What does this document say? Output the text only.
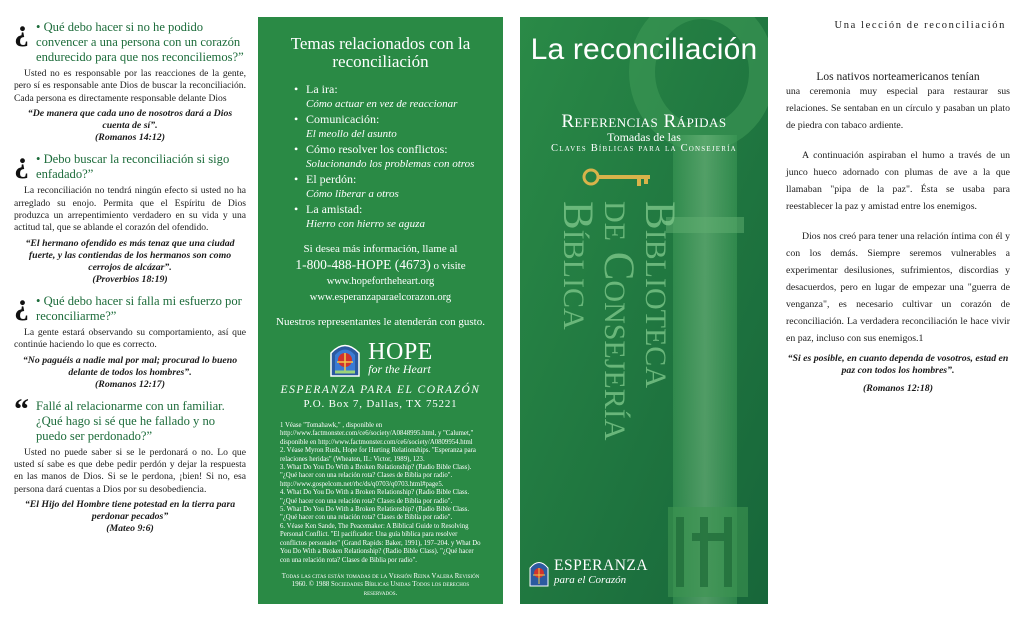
¿ • Qué debo hacer si no he podido convencer a una persona con un corazón endurecido para que nos reconciliemos?”

Usted no es responsable por las reacciones de la gente, pero sí es responsable ante Dios de buscar la reconciliación. Cada persona es directamente responsable delante Dios

“De manera que cada uno de nosotros dará a Dios cuenta de sí”.

(Romanos 14:12)

¿ • Debo buscar la reconciliación si sigo enfadado?”

La reconciliación no tendrá ningún efecto si usted no ha arreglado su enojo. Permita que el Espíritu de Dios produzca un arrepentimiento verdadero en su vida y una actitud tal, que se ablande el corazón del ofendido.

“El hermano ofendido es más tenaz que una ciudad fuerte, y las contiendas de los hermanos son como cerrojos de alcázar”.

(Proverbios 18:19)

¿ • Qué debo hacer si falla mi esfuerzo por reconciliarme?”

La gente estará observando su comportamiento, así que continúe haciendo lo que es correcto.

“No paguéis a nadie mal por mal; procurad lo bueno delante de todos los hombres”.

(Romanos 12:17)

“ Fallé al relacionarme con un familiar. ¿Qué hago si sé que he fallado y no puedo ser perdonado?”

Usted no puede saber si se le perdonará o no. Lo que usted sí sabe es que debe pedir perdón y dejar la respuesta en las manos de Dios. Si se le perdona, ¡bien! Si no, esa persona dará cuentas a Dios por su desobediencia.

“El Hijo del Hombre tiene potestad en la tierra para perdonar pecados”

(Mateo 9:6)

Temas relacionados con la reconciliación
• La ira:
Cómo actuar en vez de reaccionar
• Comunicación:
El meollo del asunto
• Cómo resolver los conflictos:
Solucionando los problemas con otros
• El perdón:
Cómo liberar a otros
• La amistad:
Hierro con hierro se aguza
Si desea más información, llame al
1-800-488-HOPE (4673) o visite
www.hopefortheheart.org
www.esperanzaparaelcorazon.org
Nuestros representantes le atenderán con gusto.
HOPE
for the Heart
ESPERANZA PARA EL CORAZÓN
P.O. Box 7, Dallas, TX 75221

1 Véase "Tomahawk," , disponible en http://www.factmonster.com/ce6/society/A0848995.html, y "Calumet," disponible en http://www.factmonster.com/ce6/society/A0809954.html

2. Véase Myron Rush, Hope for Hurting Relationships. "Esperanza para relaciones heridas" (Wheaton, IL: Victor, 1989), 123.

3. What Do You Do With a Broken Relationship? (Radio Bible Class). "¿Qué hacer con una relación rota? Clases de Biblia por radio". http://www.gospelcom.net/rbc/ds/q0703/q0703.html#page5.

4. What Do You Do With a Broken Relationship? (Radio Bible Class. "¿Qué hacer con una relación rota? Clases de Biblia por radio".

5. What Do You Do With a Broken Relationship? (Radio Bible Class. "¿Qué hacer con una relación rota? Clases de Biblia por radio".

6. Véase Ken Sande, The Peacemaker: A Biblical Guide to Resolving Personal Conflict. "El pacificador: Una guía bíblica para resolver conflictos personales" (Grand Rapids: Baker, 1991), 197–204. y What Do You Do With a Broken Relationship? (Radio Bible Class). "¿Qué hacer con una relación rota? Clases de Biblia por radio".

Todas las citas están tomadas de la Versión Reina Valera Revisión 1960. © 1988 Sociedades Bíblicas Unidas Todos los derechos reservados.
© 2006 HOPE FOR THE HEART
La reconciliación
Referencias Rápidas
Tomadas de las
Claves Bíblicas para la Consejería
Biblioteca
de Consejería
Bíblica
ESPERANZA
para el Corazón
Una lección de reconciliación
Los nativos norteamericanos tenían

una ceremonia muy especial para restaurar sus relaciones. Se sentaban en un círculo y pasaban un plato de piedra con tabaco ardiente.

A continuación aspiraban el humo a través de un junco hueco adornado con plumas de ave a la que llamaban "pipa de la paz". Ésta se usaba para reestablecer la paz y amistad entre los enemigos.

Dios nos creó para tener una relación íntima con él y con los demás. Siempre seremos vulnerables a experimentar desilusiones, sufrimientos, discordias y desacuerdos, pero en lugar de empezar una "guerra de venganza", es necesario cultivar un corazón de reconciliación. La verdadera reconciliación le hace vivir en paz, incluso con sus enemigos.1

“Si es posible, en cuanto dependa de vosotros, estad en paz con todos los hombres”.

(Romanos 12:18)
